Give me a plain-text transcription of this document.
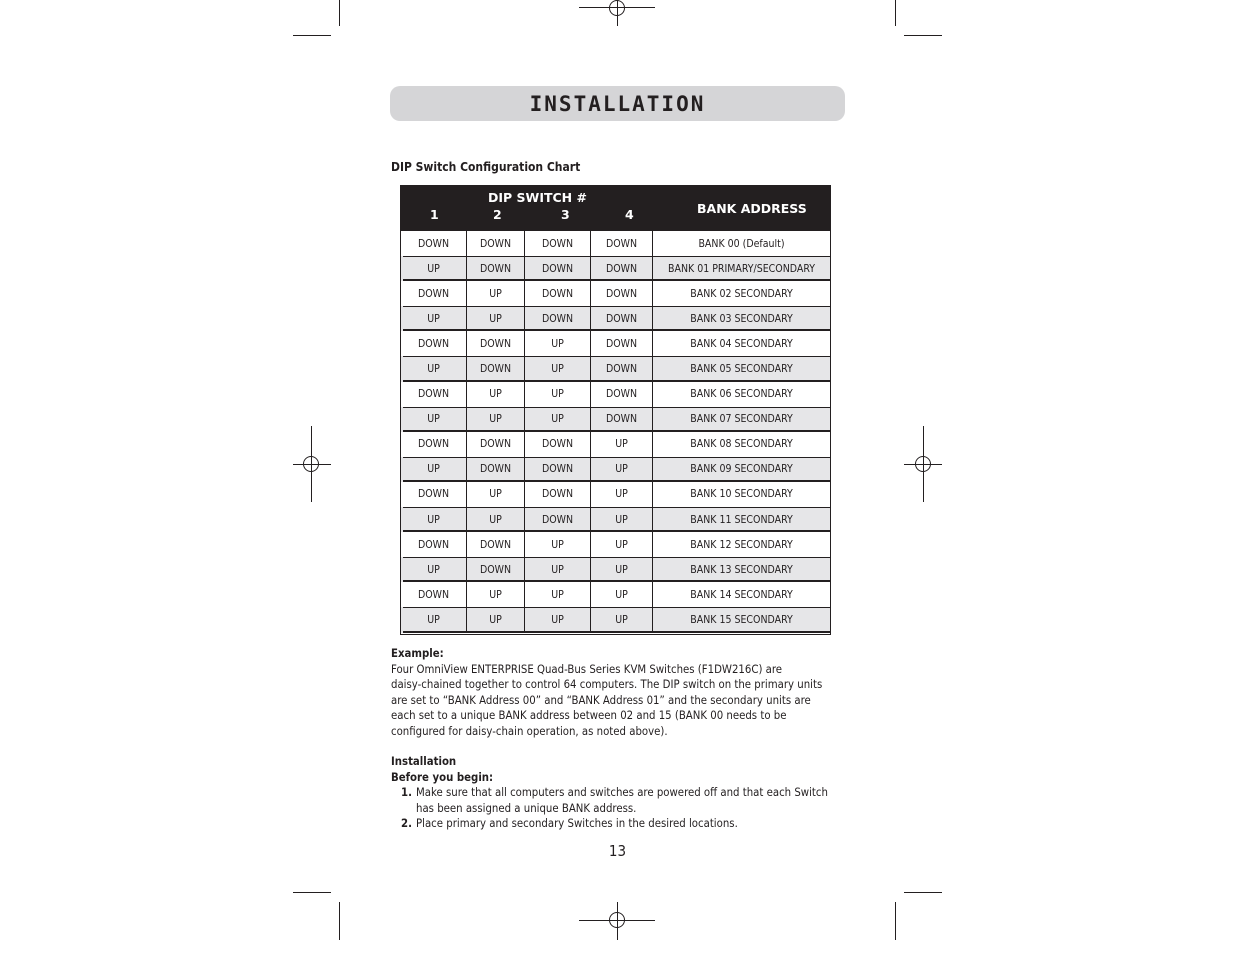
INSTALLATION
DIP Switch Configuration Chart
DIP SWITCH #
1	2	3	4	BANK ADDRESS
DOWN	DOWN	DOWN	DOWN	BANK 00 (Default)
UP	DOWN	DOWN	DOWN	BANK 01 PRIMARY/SECONDARY
DOWN	UP	DOWN	DOWN	BANK 02 SECONDARY
UP	UP	DOWN	DOWN	BANK 03 SECONDARY
DOWN	DOWN	UP	DOWN	BANK 04 SECONDARY
UP	DOWN	UP	DOWN	BANK 05 SECONDARY
DOWN	UP	UP	DOWN	BANK 06 SECONDARY
UP	UP	UP	DOWN	BANK 07 SECONDARY
DOWN	DOWN	DOWN	UP	BANK 08 SECONDARY
UP	DOWN	DOWN	UP	BANK 09 SECONDARY
DOWN	UP	DOWN	UP	BANK 10 SECONDARY
UP	UP	DOWN	UP	BANK 11 SECONDARY
DOWN	DOWN	UP	UP	BANK 12 SECONDARY
UP	DOWN	UP	UP	BANK 13 SECONDARY
DOWN	UP	UP	UP	BANK 14 SECONDARY
UP	UP	UP	UP	BANK 15 SECONDARY
Example:
Four OmniView ENTERPRISE Quad-Bus Series KVM Switches (F1DW216C) are
daisy-chained together to control 64 computers. The DIP switch on the primary units
are set to “BANK Address 00” and “BANK Address 01” and the secondary units are
each set to a unique BANK address between 02 and 15 (BANK 00 needs to be
configured for daisy-chain operation, as noted above).
Installation
Before you begin:
1. Make sure that all computers and switches are powered off and that each Switch
has been assigned a unique BANK address.
2. Place primary and secondary Switches in the desired locations.
13
